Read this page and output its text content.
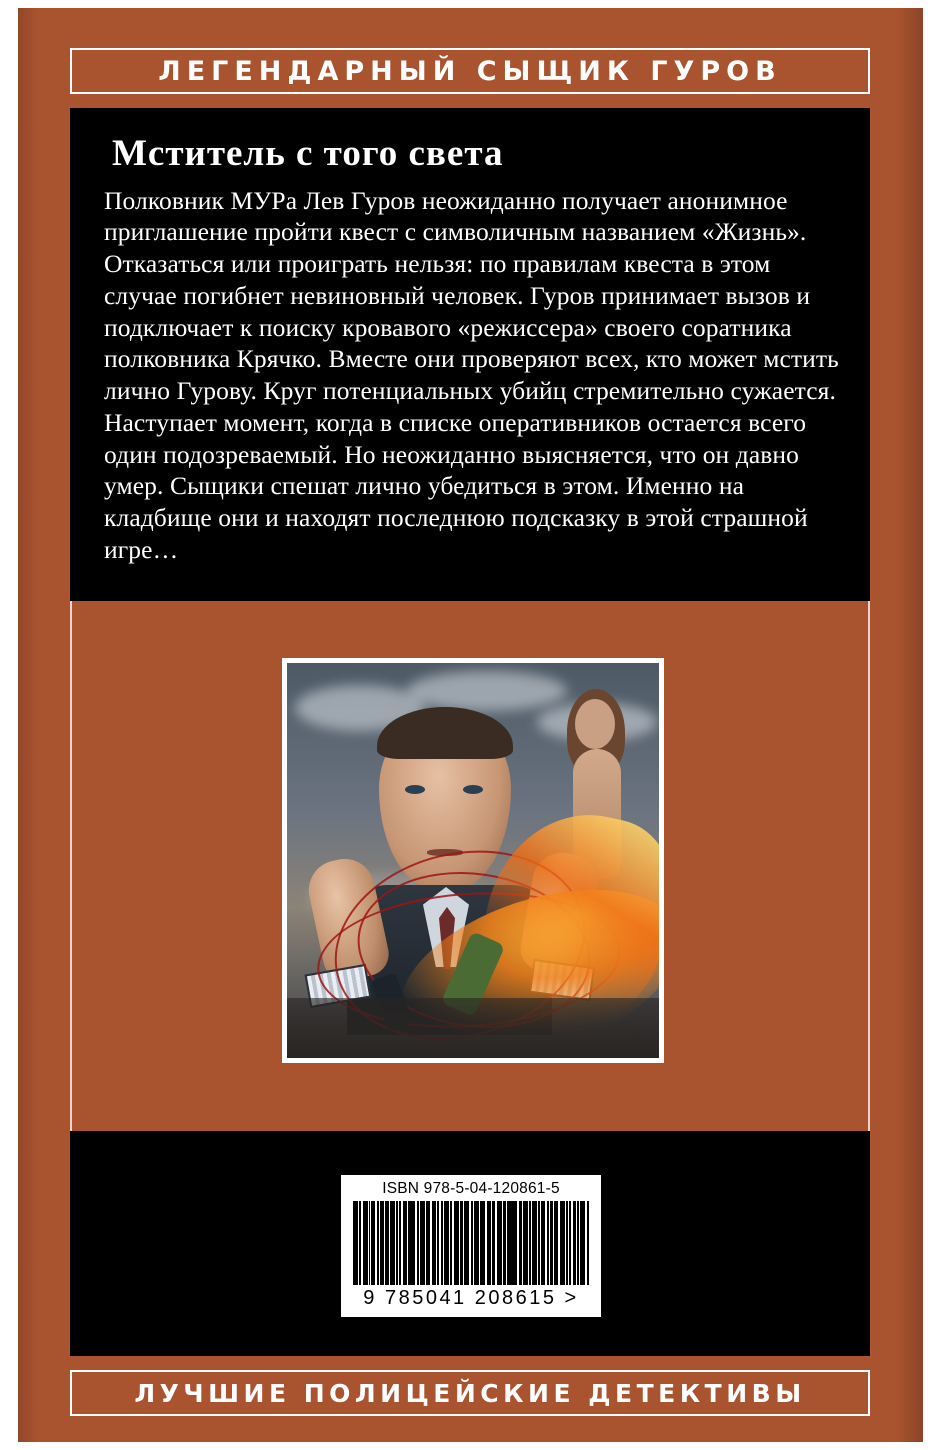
ЛЕГЕНДАРНЫЙ СЫЩИК ГУРОВ
Мститель с того света

Полковник МУРа Лев Гуров неожиданно получает анонимное приглашение пройти квест с символичным названием «Жизнь». Отказаться или проиграть нельзя: по правилам квеста в этом случае погибнет невиновный человек. Гуров принимает вызов и подключает к поиску кровавого «режиссера» своего соратника полковника Крячко. Вместе они проверяют всех, кто может мстить лично Гурову. Круг потенциальных убийц стремительно сужается. Наступает момент, когда в списке оперативников остается всего один подозреваемый. Но неожиданно выясняется, что он давно умер. Сыщики спешат лично убедиться в этом. Именно на кладбище они и находят последнюю подсказку в этой страшной игре…

ISBN 978-5-04-120861-5
9 785041 208615 >
ЛУЧШИЕ ПОЛИЦЕЙСКИЕ ДЕТЕКТИВЫ
